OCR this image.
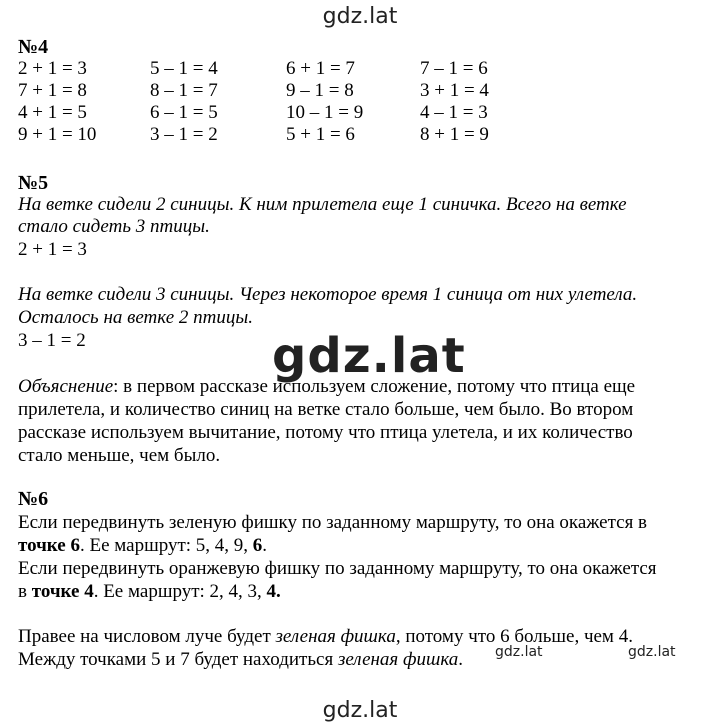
gdz.lat
gdz.lat
gdz.lat	gdz.lat
gdz.lat
№4
2 + 1 = 3	5 – 1 = 4	6 + 1 = 7	7 – 1 = 6
7 + 1 = 8	8 – 1 = 7	9 – 1 = 8	3 + 1 = 4
4 + 1 = 5	6 – 1 = 5	10 – 1 = 9	4 – 1 = 3
9 + 1 = 10	3 – 1 = 2	5 + 1 = 6	8 + 1 = 9
№5
На ветке сидели 2 синицы. К ним прилетела еще 1 синичка. Всего на ветке
стало сидеть 3 птицы.
2 + 1 = 3
На ветке сидели 3 синицы. Через некоторое время 1 синица от них улетела.
Осталось на ветке 2 птицы.
3 – 1 = 2
Объяснение: в первом рассказе используем сложение, потому что птица еще
прилетела, и количество синиц на ветке стало больше, чем было. Во втором
рассказе используем вычитание, потому что птица улетела, и их количество
стало меньше, чем было.
№6
Если передвинуть зеленую фишку по заданному маршруту, то она окажется в
точке 6. Ее маршрут: 5, 4, 9, 6.
Если передвинуть оранжевую фишку по заданному маршруту, то она окажется
в точке 4. Ее маршрут: 2, 4, 3, 4.
Правее на числовом луче будет зеленая фишка, потому что 6 больше, чем 4.
Между точками 5 и 7 будет находиться зеленая фишка.
